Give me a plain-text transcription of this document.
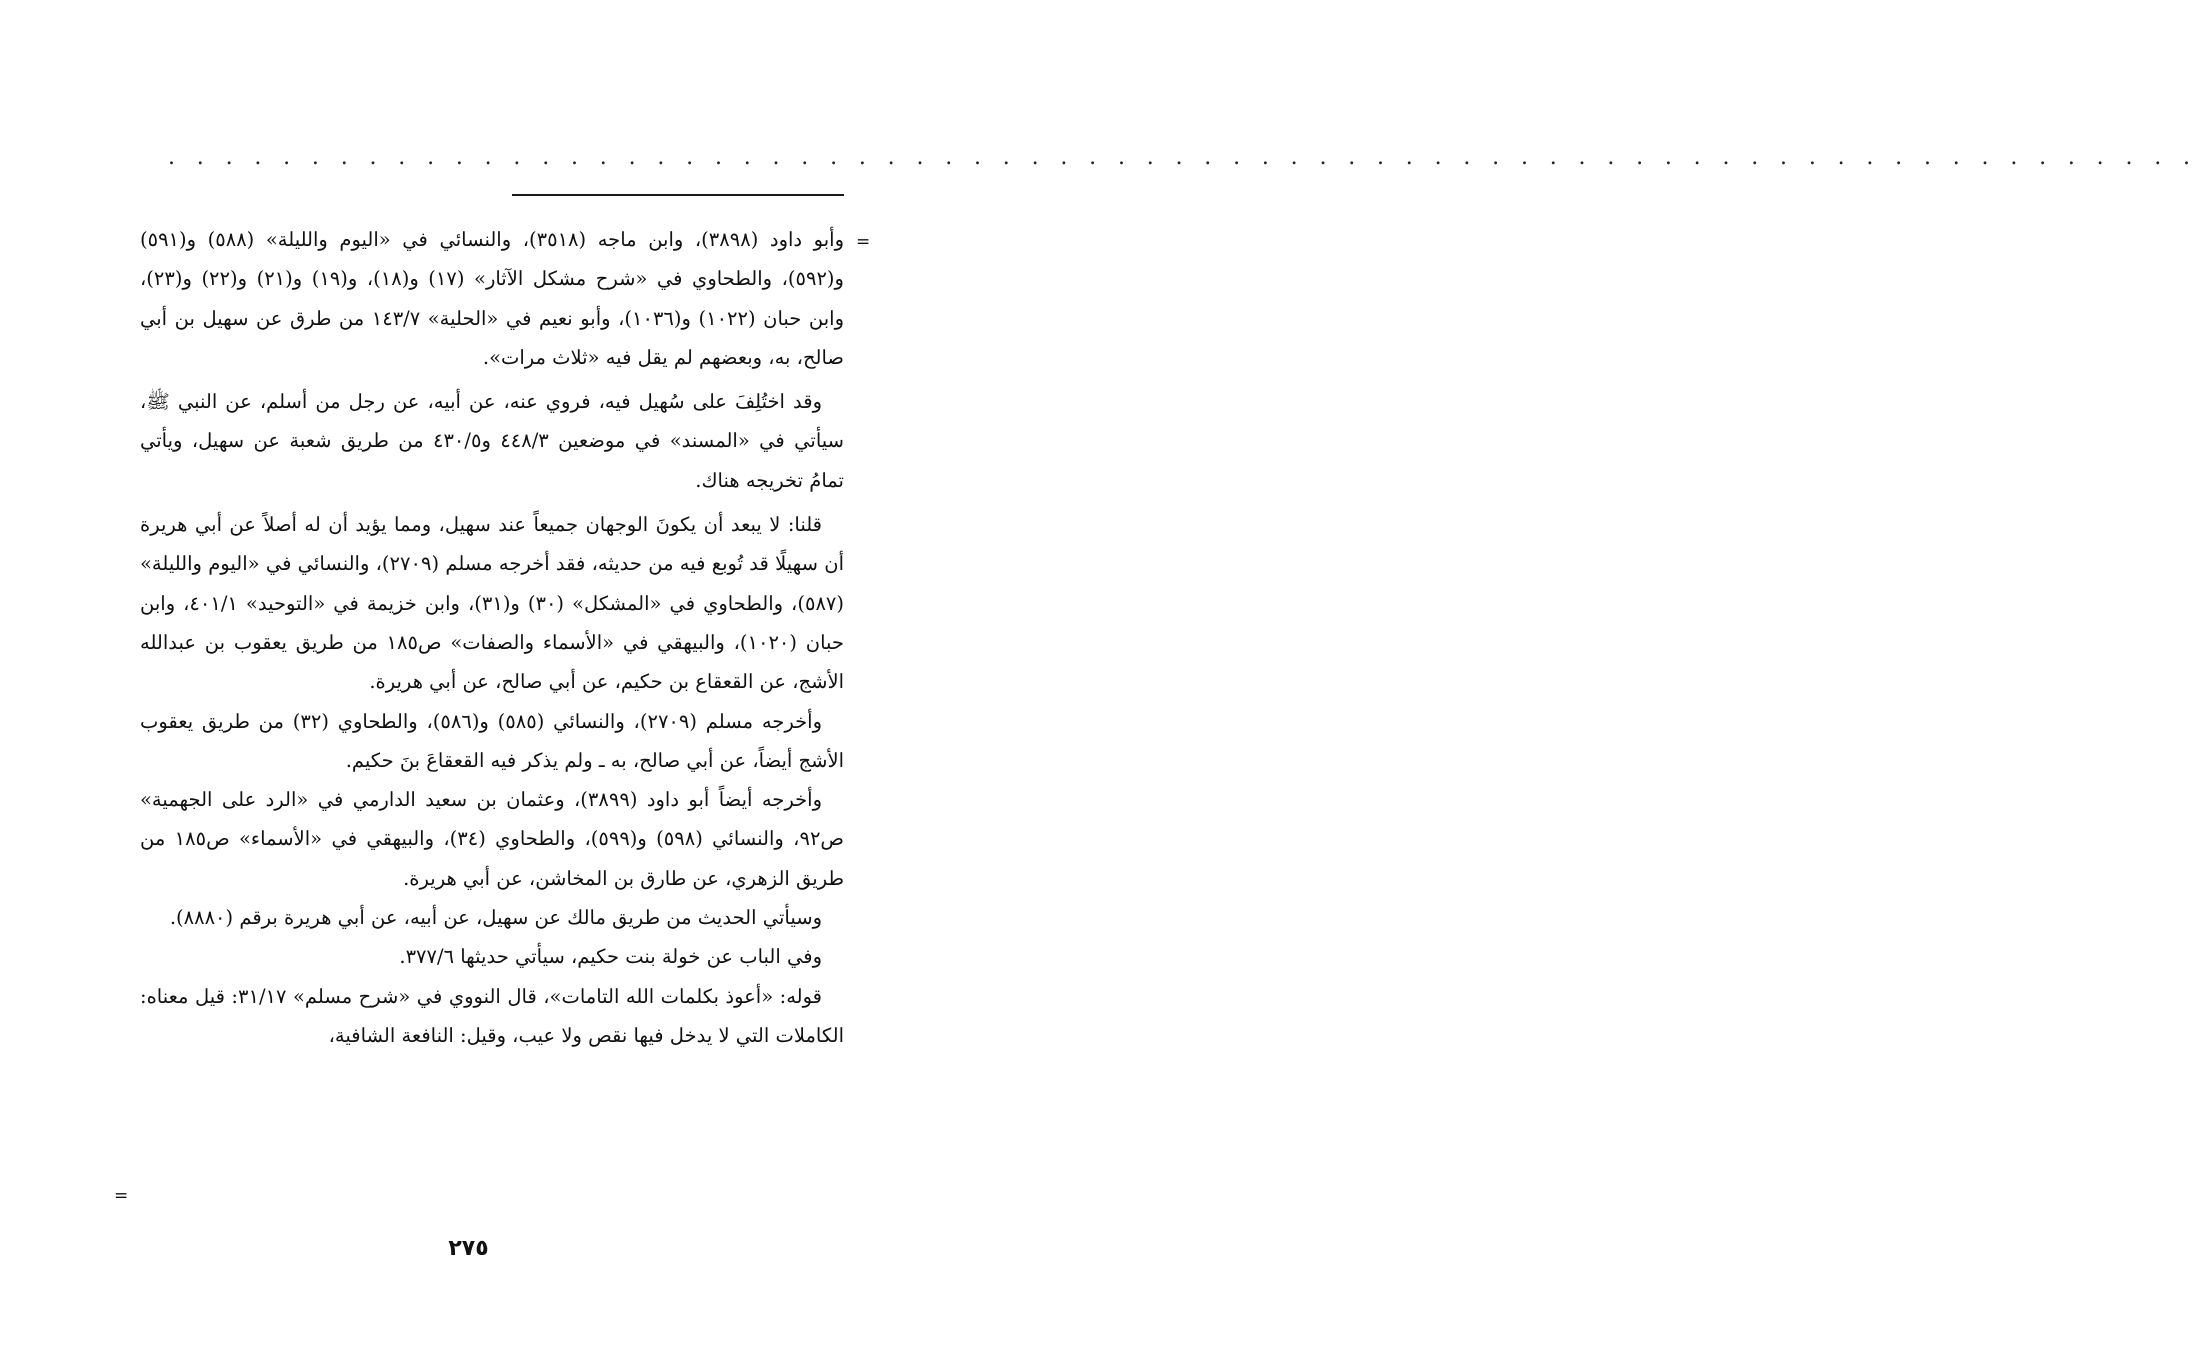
. . . . . . . . . . . . . . . . . . . . . . . . . . . . . . . . . . . . . . . . . . . . . . . . . . . . . . . . . . . . . . . . . . . . . . .
=
=

وأبو داود (٣٨٩٨)، وابن ماجه (٣٥١٨)، والنسائي في «اليوم والليلة» (٥٨٨) و(٥٩١) و(٥٩٢)، والطحاوي في «شرح مشكل الآثار» (١٧) و(١٨)، و(١٩) و(٢١) و(٢٢) و(٢٣)، وابن حبان (١٠٢٢) و(١٠٣٦)، وأبو نعيم في «الحلية» ١٤٣/٧ من طرق عن سهيل بن أبي صالح، به، وبعضهم لم يقل فيه «ثلاث مرات».

وقد اختُلِفَ على سُهيل فيه، فروي عنه، عن أبيه، عن رجل من أسلم، عن النبي ﷺ، سيأتي في «المسند» في موضعين ٤٤٨/٣ و٤٣٠/٥ من طريق شعبة عن سهيل، ويأتي تمامُ تخريجه هناك.

قلنا: لا يبعد أن يكونَ الوجهان جميعاً عند سهيل، ومما يؤيد أن له أصلاً عن أبي هريرة أن سهيلًا قد تُوبع فيه من حديثه، فقد أخرجه مسلم (٢٧٠٩)، والنسائي في «اليوم والليلة» (٥٨٧)، والطحاوي في «المشكل» (٣٠) و(٣١)، وابن خزيمة في «التوحيد» ٤٠١/١، وابن حبان (١٠٢٠)، والبيهقي في «الأسماء والصفات» ص١٨٥ من طريق يعقوب بن عبدالله الأشج، عن القعقاع بن حكيم، عن أبي صالح، عن أبي هريرة.

وأخرجه مسلم (٢٧٠٩)، والنسائي (٥٨٥) و(٥٨٦)، والطحاوي (٣٢) من طريق يعقوب الأشج أيضاً، عن أبي صالح، به ـ ولم يذكر فيه القعقاعَ بنَ حكيم.

وأخرجه أيضاً أبو داود (٣٨٩٩)، وعثمان بن سعيد الدارمي في «الرد على الجهمية» ص٩٢، والنسائي (٥٩٨) و(٥٩٩)، والطحاوي (٣٤)، والبيهقي في «الأسماء» ص١٨٥ من طريق الزهري، عن طارق بن المخاشن، عن أبي هريرة.

وسيأتي الحديث من طريق مالك عن سهيل، عن أبيه، عن أبي هريرة برقم (٨٨٨٠).

وفي الباب عن خولة بنت حكيم، سيأتي حديثها ٣٧٧/٦.

قوله: «أعوذ بكلمات الله التامات»، قال النووي في «شرح مسلم» ٣١/١٧: قيل معناه: الكاملات التي لا يدخل فيها نقص ولا عيب، وقيل: النافعة الشافية،

٢٧٥
